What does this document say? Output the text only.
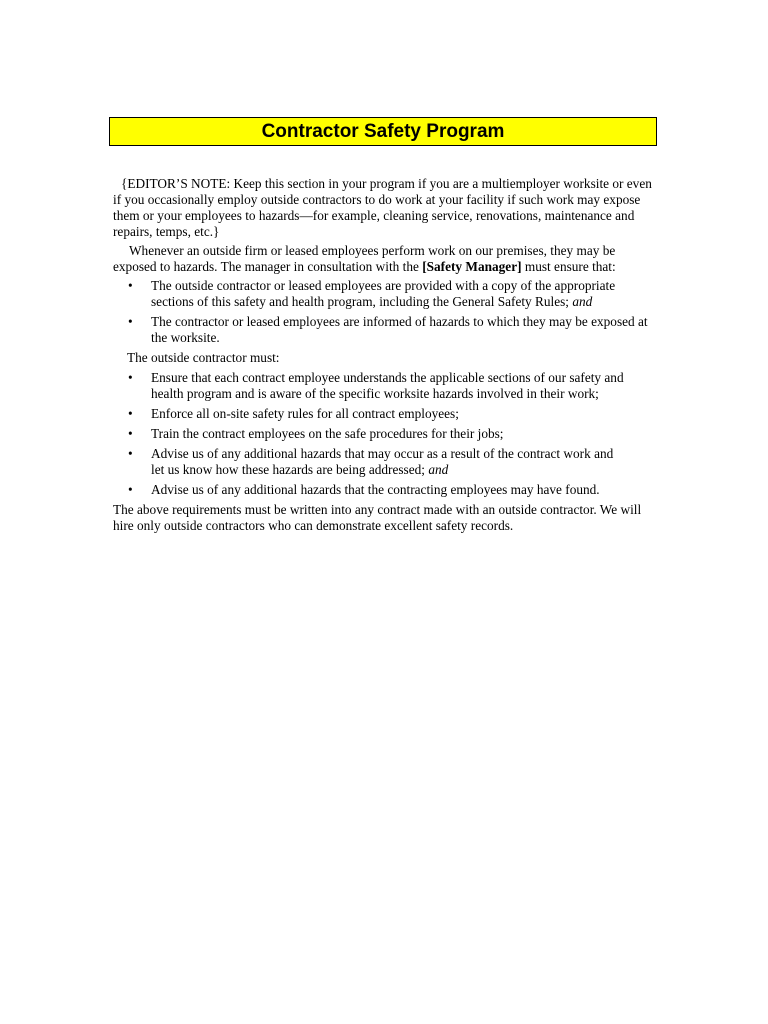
Contractor Safety Program

{EDITOR’S NOTE: Keep this section in your program if you are a multiemployer worksite or even if you occasionally employ outside contractors to do work at your facility if such work may expose them or your employees to hazards—for example, cleaning service, renovations, maintenance and repairs, temps, etc.}

Whenever an outside firm or leased employees perform work on our premises, they may be exposed to hazards. The manager in consultation with the [Safety Manager] must ensure that:

• The outside contractor or leased employees are provided with a copy of the appropriate sections of this safety and health program, including the General Safety Rules; and
• The contractor or leased employees are informed of hazards to which they may be exposed at the worksite.

The outside contractor must:

• Ensure that each contract employee understands the applicable sections of our safety and health program and is aware of the specific worksite hazards involved in their work;
• Enforce all on-site safety rules for all contract employees;
• Train the contract employees on the safe procedures for their jobs;
• Advise us of any additional hazards that may occur as a result of the contract work and
let us know how these hazards are being addressed; and
• Advise us of any additional hazards that the contracting employees may have found.

The above requirements must be written into any contract made with an outside contractor. We will hire only outside contractors who can demonstrate excellent safety records.
